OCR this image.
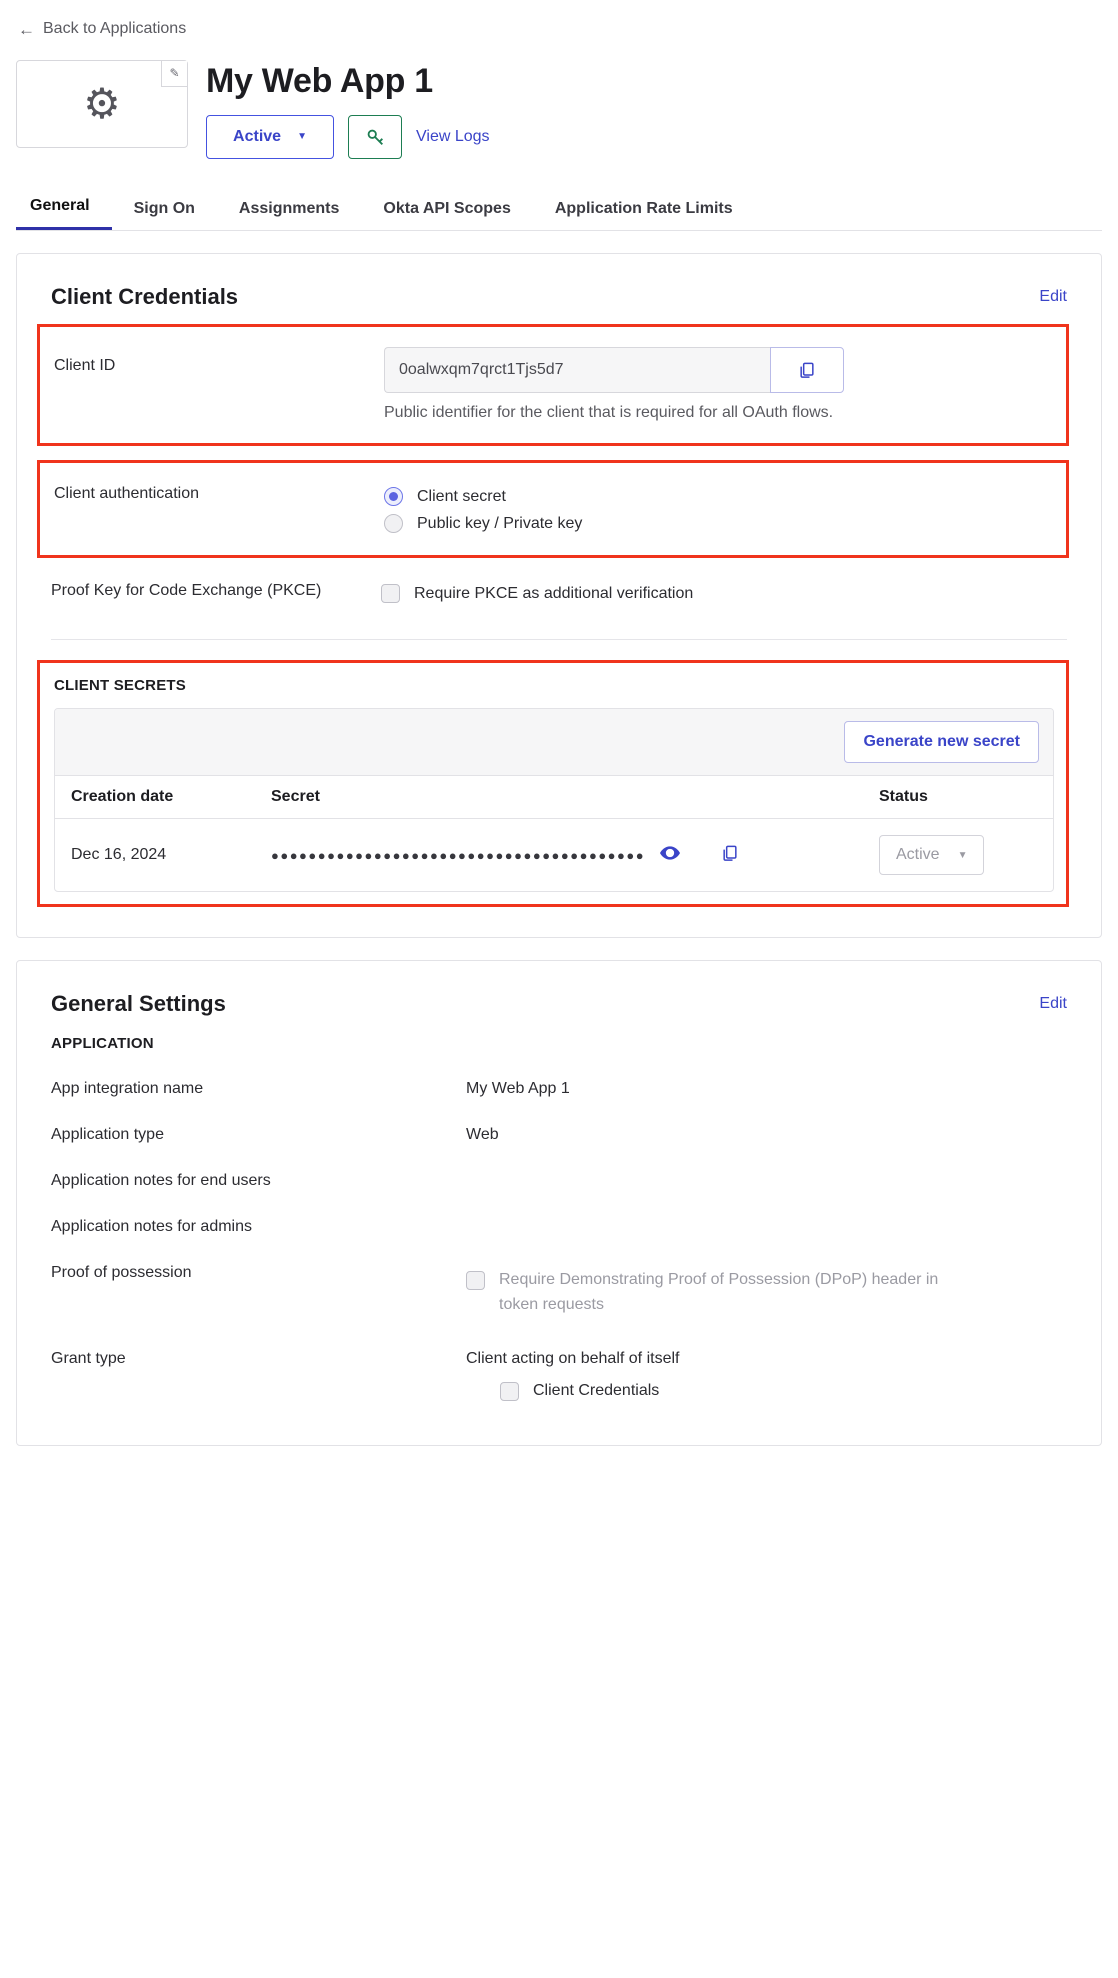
← Back to Applications
⚙
✎ My Web App 1
Active ▼	View Logs
General	Sign On	Assignments	Okta API Scopes	Application Rate Limits
Client Credentials	Edit
Client ID
0oalwxqm7qrct1Tjs5d7
Public identifier for the client that is required for all OAuth flows.
Client authentication	Client secret
Public key / Private key
Proof Key for Code Exchange (PKCE)	Require PKCE as additional verification
CLIENT SECRETS
Generate new secret
Creation date	Secret	Status
Dec 16, 2024	●●●●●●●●●●●●●●●●●●●●●●●●●●●●●●●●●●●●●●●●	Active ▼
General Settings	Edit
APPLICATION
App integration name	My Web App 1
Application type	Web
Application notes for end users
Application notes for admins
Proof of possession	Require Demonstrating Proof of Possession (DPoP) header in token requests
Grant type	Client acting on behalf of itself
Client Credentials
